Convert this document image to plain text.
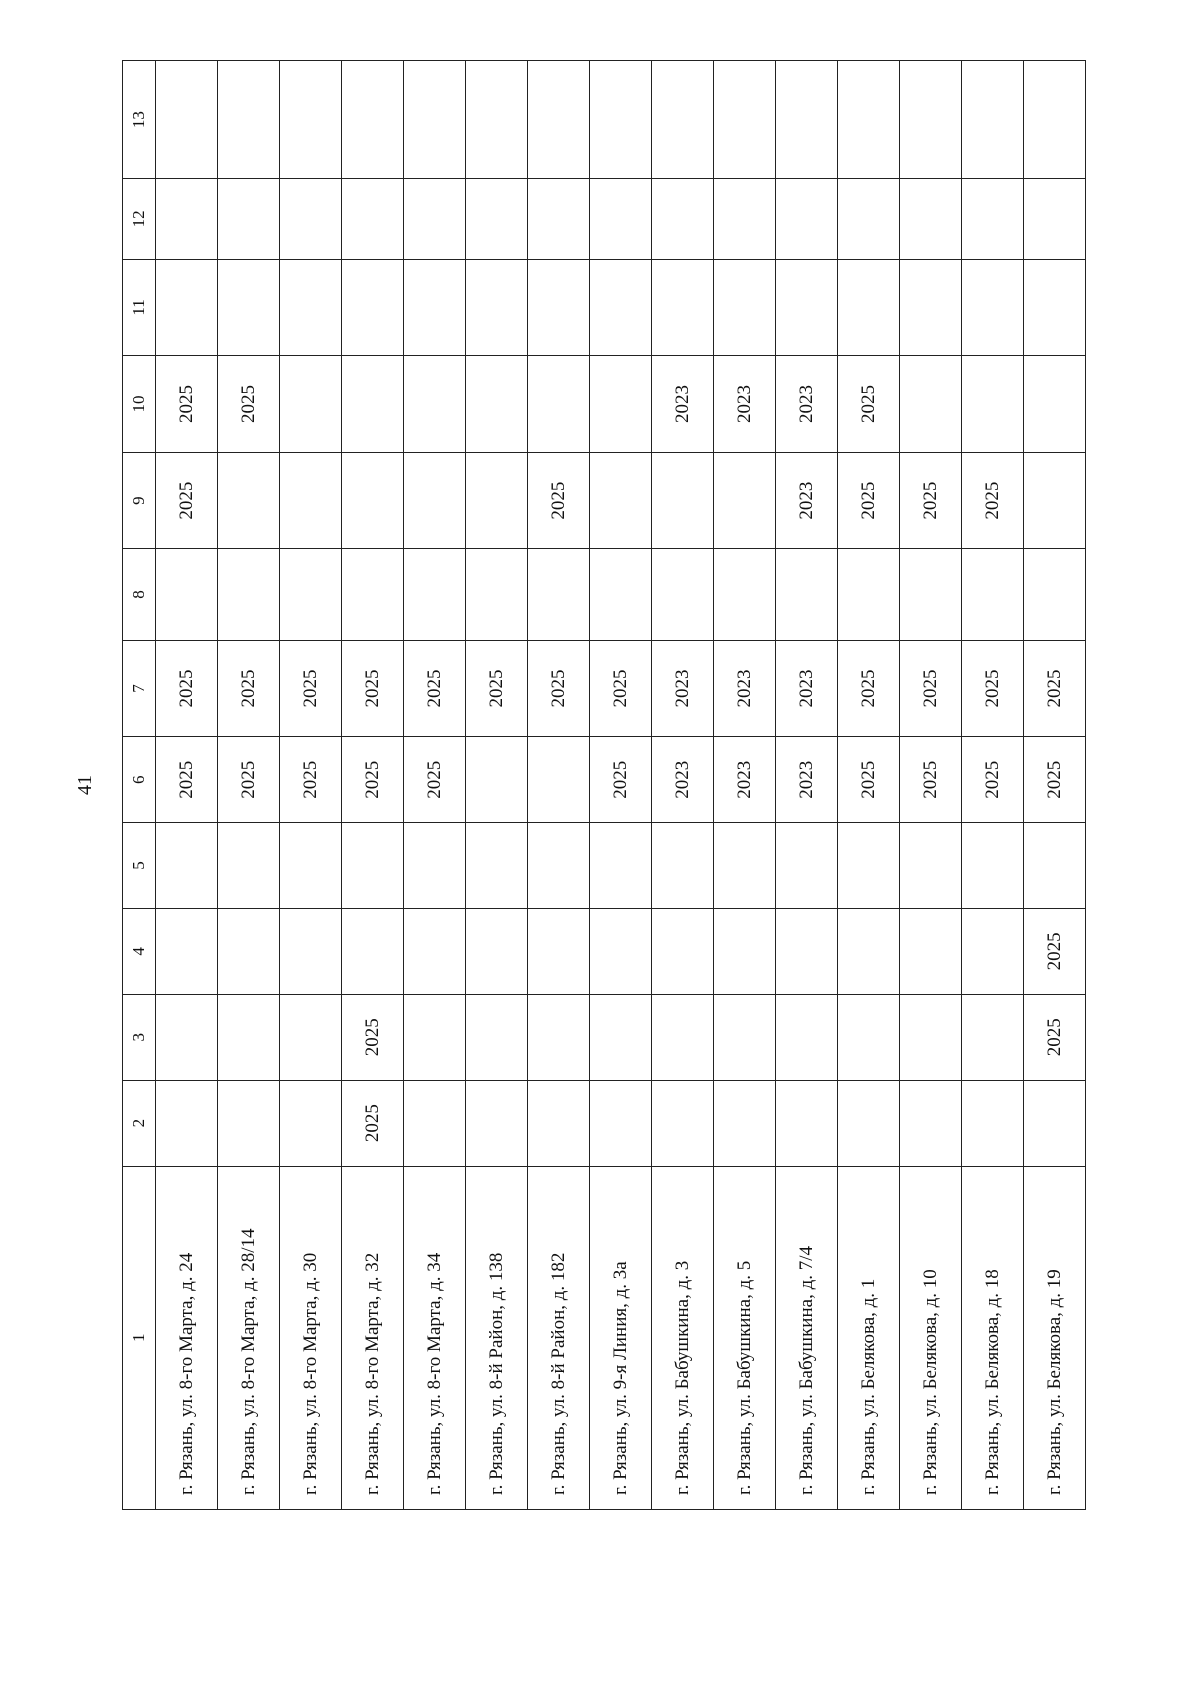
41
1	2	3	4	5	6	7	8	9	10	11	12	13
г. Рязань, ул. 8-го Марта, д. 24					2025	2025		2025	2025			
г. Рязань, ул. 8-го Марта, д. 28/14					2025	2025			2025			
г. Рязань, ул. 8-го Марта, д. 30					2025	2025						
г. Рязань, ул. 8-го Марта, д. 32	2025	2025			2025	2025						
г. Рязань, ул. 8-го Марта, д. 34					2025	2025						
г. Рязань, ул. 8-й Район, д. 138						2025						
г. Рязань, ул. 8-й Район, д. 182						2025		2025				
г. Рязань, ул. 9-я Линия, д. 3а					2025	2025						
г. Рязань, ул. Бабушкина, д. 3					2023	2023			2023			
г. Рязань, ул. Бабушкина, д. 5					2023	2023			2023			
г. Рязань, ул. Бабушкина, д. 7/4					2023	2023		2023	2023			
г. Рязань, ул. Белякова, д. 1					2025	2025		2025	2025			
г. Рязань, ул. Белякова, д. 10					2025	2025		2025				
г. Рязань, ул. Белякова, д. 18					2025	2025		2025				
г. Рязань, ул. Белякова, д. 19		2025	2025		2025	2025						
